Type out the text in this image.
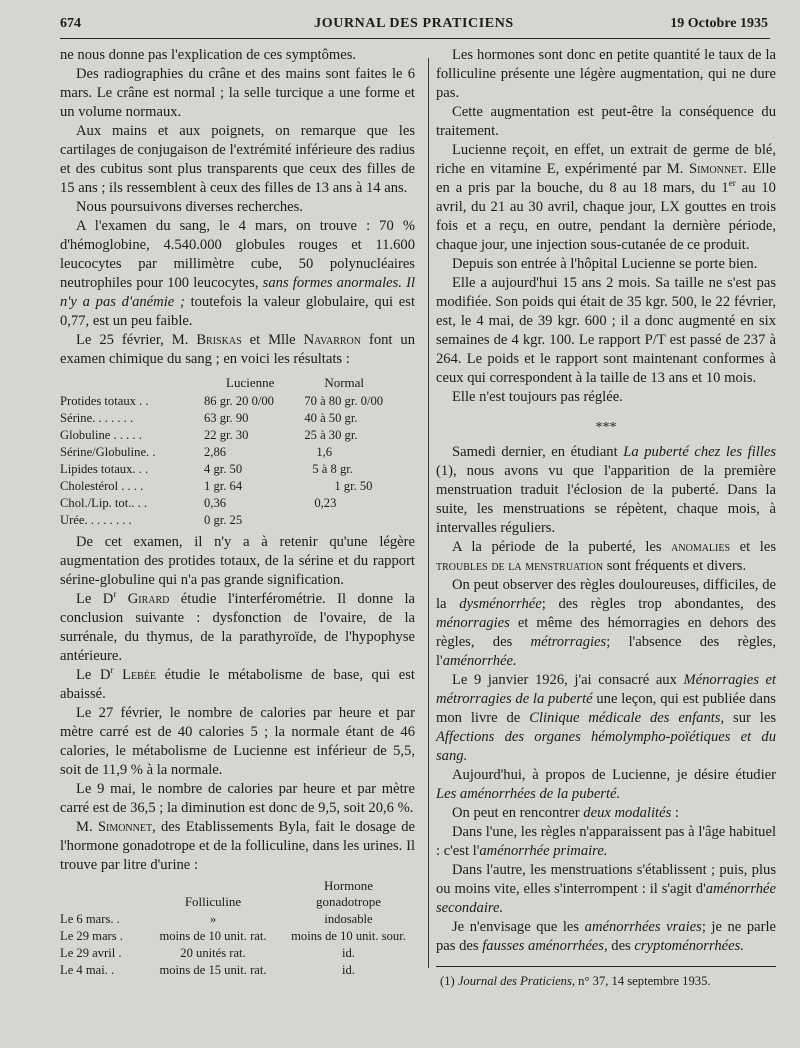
674	JOURNAL DES PRATICIENS	19 Octobre 1935

ne nous donne pas l'explication de ces symptômes.

Des radiographies du crâne et des mains sont faites le 6 mars. Le crâne est normal ; la selle turcique a une forme et un volume normaux.

Aux mains et aux poignets, on remarque que les cartilages de conjugaison de l'extrémité inférieure des radius et des cubitus sont plus transparents que ceux des filles de 15 ans ; ils ressemblent à ceux des filles de 13 ans à 14 ans.

Nous poursuivons diverses recherches.

A l'examen du sang, le 4 mars, on trouve : 70 % d'hémoglobine, 4.540.000 globules rouges et 11.600 leucocytes par millimètre cube, 50 polynucléaires neutrophiles pour 100 leucocytes, sans formes anormales. Il n'y a pas d'anémie ; toutefois la valeur globulaire, qui est 0,77, est un peu faible.

Le 25 février, M. Briskas et Mlle Navarron font un examen chimique du sang ; en voici les résultats :

	Lucienne	Normal
Protides totaux . .	86 gr. 20 0/00	70 à 80 gr. 0/00
Sérine. . . . . . .	63 gr. 90	40 à 50 gr.
Globuline . . . . .	22 gr. 30	25 à 30 gr.
Sérine/Globuline. .	2,86	1,6
Lipides totaux. . .	4 gr. 50	5 à 8 gr.
Cholestérol . . . .	1 gr. 64	1 gr. 50
Chol./Lip. tot.. . .	0,36	0,23
Urée. . . . . . . .	0 gr. 25	

De cet examen, il n'y a à retenir qu'une légère augmentation des protides totaux, de la sérine et du rapport sérine-globuline qui n'a pas grande signification.

Le $D^r$ Girard étudie l'interférométrie. Il donne la conclusion suivante : dysfonction de l'ovaire, de la surrénale, du thymus, de la parathyroïde, de l'hypophyse antérieure.

Le $D^r$ Lebée étudie le métabolisme de base, qui est abaissé.

Le 27 février, le nombre de calories par heure et par mètre carré est de 40 calories 5 ; la normale étant de 46 calories, le métabolisme de Lucienne est inférieur de 5,5, soit de 11,9 % à la normale.

Le 9 mai, le nombre de calories par heure et par mètre carré est de 36,5 ; la diminution est donc de 9,5, soit 20,6 %.

M. Simonnet, des Etablissements Byla, fait le dosage de l'hormone gonadotrope et de la folliculine, dans les urines. Il trouve par litre d'urine :

	Folliculine	Hormone
gonadotrope
Le 6 mars. .	»	indosable
Le 29 mars .	moins de 10 unit. rat.	moins de 10 unit. sour.
Le 29 avril .	20 unités rat.	id.
Le 4 mai. .	moins de 15 unit. rat.	id.

Les hormones sont donc en petite quantité le taux de la folliculine présente une légère augmentation, qui ne dure pas.

Cette augmentation est peut-être la conséquence du traitement.

Lucienne reçoit, en effet, un extrait de germe de blé, riche en vitamine E, expérimenté par M. Simonnet. Elle en a pris par la bouche, du 8 au 18 mars, du 1er au 10 avril, du 21 au 30 avril, chaque jour, LX gouttes en trois fois et a reçu, en outre, pendant la dernière période, chaque jour, une injection sous-cutanée de ce produit.

Depuis son entrée à l'hôpital Lucienne se porte bien.

Elle a aujourd'hui 15 ans 2 mois. Sa taille ne s'est pas modifiée. Son poids qui était de 35 kgr. 500, le 22 février, est, le 4 mai, de 39 kgr. 600 ; il a donc augmenté en six semaines de 4 kgr. 100. Le rapport P/T est passé de 237 à 264. Le poids et le rapport sont maintenant conformes à ceux qui correspondent à la taille de 13 ans et 10 mois.

Elle n'est toujours pas réglée.

***

Samedi dernier, en étudiant La puberté chez les filles (1), nous avons vu que l'apparition de la première menstruation traduit l'éclosion de la puberté. Dans la suite, les menstruations se répètent, chaque mois, à intervalles réguliers.

A la période de la puberté, les anomalies et les troubles de la menstruation sont fréquents et divers.

On peut observer des règles douloureuses, difficiles, de la dysménorrhée; des règles trop abondantes, des ménorragies et même des hémorragies en dehors des règles, des métrorragies; l'absence des règles, l'aménorrhée.

Le 9 janvier 1926, j'ai consacré aux Ménorragies et métrorragies de la puberté une leçon, qui est publiée dans mon livre de Clinique médicale des enfants, sur les Affections des organes hémolympho-poïétiques et du sang.

Aujourd'hui, à propos de Lucienne, je désire étudier Les aménorrhées de la puberté.

On peut en rencontrer deux modalités :

Dans l'une, les règles n'apparaissent pas à l'âge habituel : c'est l'aménorrhée primaire.

Dans l'autre, les menstruations s'établissent ; puis, plus ou moins vite, elles s'interrompent : il s'agit d'aménorrhée secondaire.

Je n'envisage que les aménorrhées vraies; je ne parle pas des fausses aménorrhées, des cryptoménorrhées.

(1) Journal des Praticiens, n° 37, 14 septembre 1935.
